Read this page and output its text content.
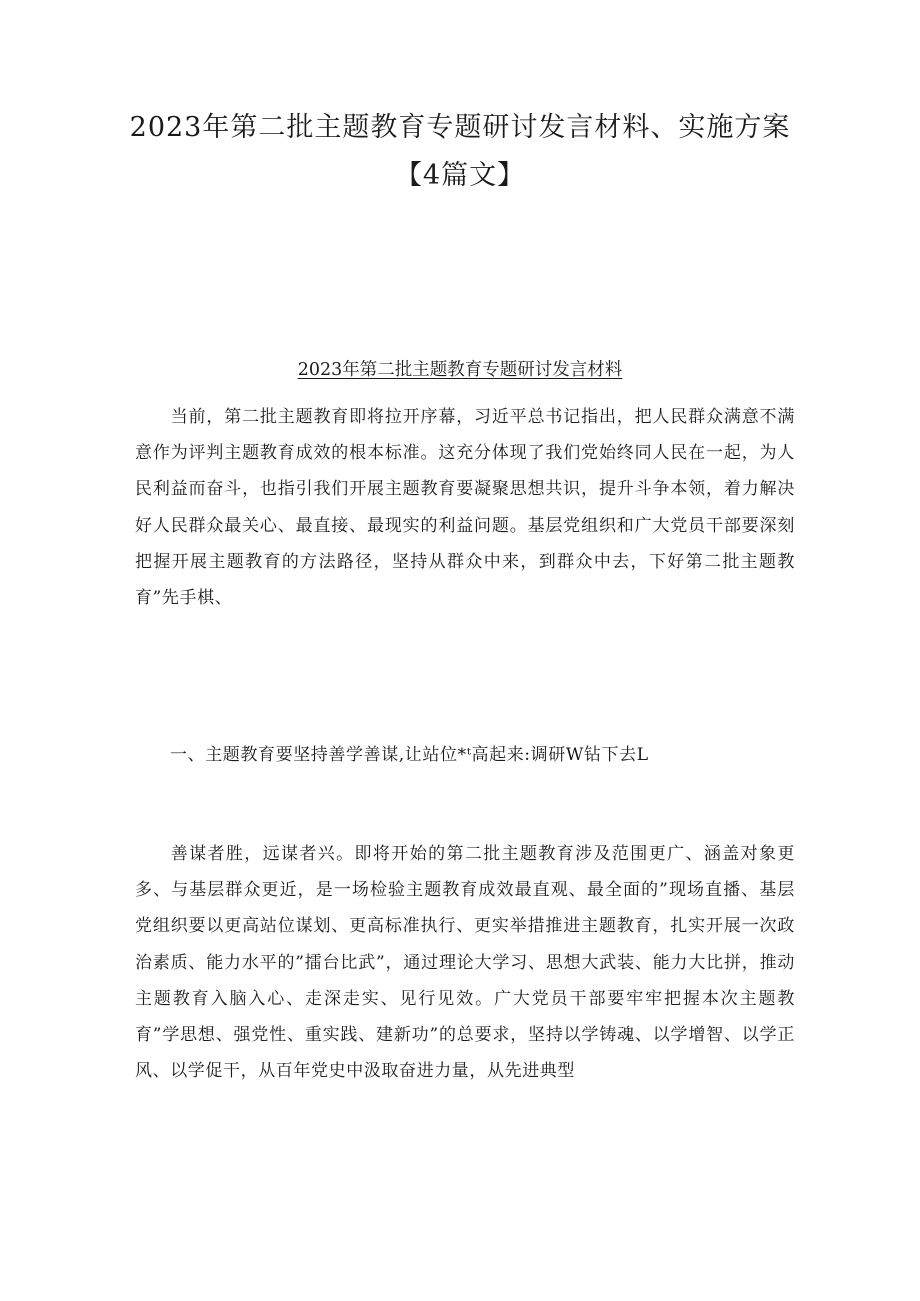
2023年第二批主题教育专题研讨发言材料、实施方案
【4篇文】
2023年第二批主题教育专题研讨发言材料

当前，第二批主题教育即将拉开序幕，习近平总书记指出，把人民群众满意不满意作为评判主题教育成效的根本标准。这充分体现了我们党始终同人民在一起，为人民利益而奋斗，也指引我们开展主题教育要凝聚思想共识，提升斗争本领，着力解决好人民群众最关心、最直接、最现实的利益问题。基层党组织和广大党员干部要深刻把握开展主题教育的方法路径，坚持从群众中来，到群众中去，下好第二批主题教育”先手棋、

一、主题教育要坚持善学善谋,让站位*ᵗ高起来:调研W钻下去L

善谋者胜，远谋者兴。即将开始的第二批主题教育涉及范围更广、涵盖对象更多、与基层群众更近，是一场检验主题教育成效最直观、最全面的”现场直播、基层党组织要以更高站位谋划、更高标准执行、更实举措推进主题教育，扎实开展一次政治素质、能力水平的”擂台比武”，通过理论大学习、思想大武装、能力大比拼，推动主题教育入脑入心、走深走实、见行见效。广大党员干部要牢牢把握本次主题教育”学思想、强党性、重实践、建新功”的总要求，坚持以学铸魂、以学增智、以学正风、以学促干，从百年党史中汲取奋进力量，从先进典型
